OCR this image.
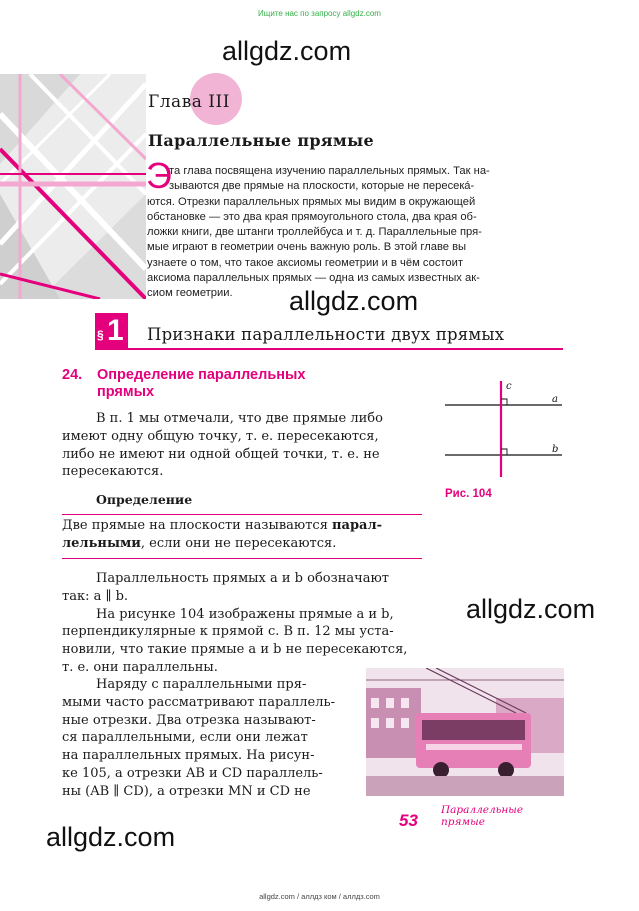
Ищите нас по запросу allgdz.com
allgdz.com
Глава III
Параллельные прямые
Э
та глава посвящена изучению параллельных прямых. Так на-
зываются две прямые на плоскости, которые не пересекá-
ются. Отрезки параллельных прямых мы видим в окружающей
обстановке — это два края прямоугольного стола, два края об-
ложки книги, две штанги троллейбуса и т. д. Параллельные пря-
мые играют в геометрии очень важную роль. В этой главе вы
узнаете о том, что такое аксиомы геометрии и в чём состоит
аксиома параллельных прямых — одна из самых известных ак-
сиом геометрии.	allgdz.com
§ 1 Признаки параллельности двух прямых
24. Определение параллельных
прямых
В п. 1 мы отмечали, что две прямые либо
имеют одну общую точку, т. е. пересекаются,
либо не имеют ни одной общей точки, т. е. не
пересекаются.
Определение
Две прямые на плоскости называются парал-
лельными, если они не пересекаются.
Параллельность прямых a и b обозначают
так: a ∥ b.
На рисунке 104 изображены прямые a и b,
перпендикулярные к прямой c. В п. 12 мы уста-
новили, что такие прямые a и b не пересекаются,
т. е. они параллельны.
allgdz.com
Наряду с параллельными пря-
мыми часто рассматривают параллель-
ные отрезки. Два отрезка называют-
ся параллельными, если они лежат
на параллельных прямых. На рисун-
ке 105, a отрезки AB и CD параллель-
ны (AB ∥ CD), а отрезки MN и CD не
c
a
b
Рис. 104
allgdz.com
53
Параллельные
прямые
allgdz.com / аллдз ком / аллдз.com
